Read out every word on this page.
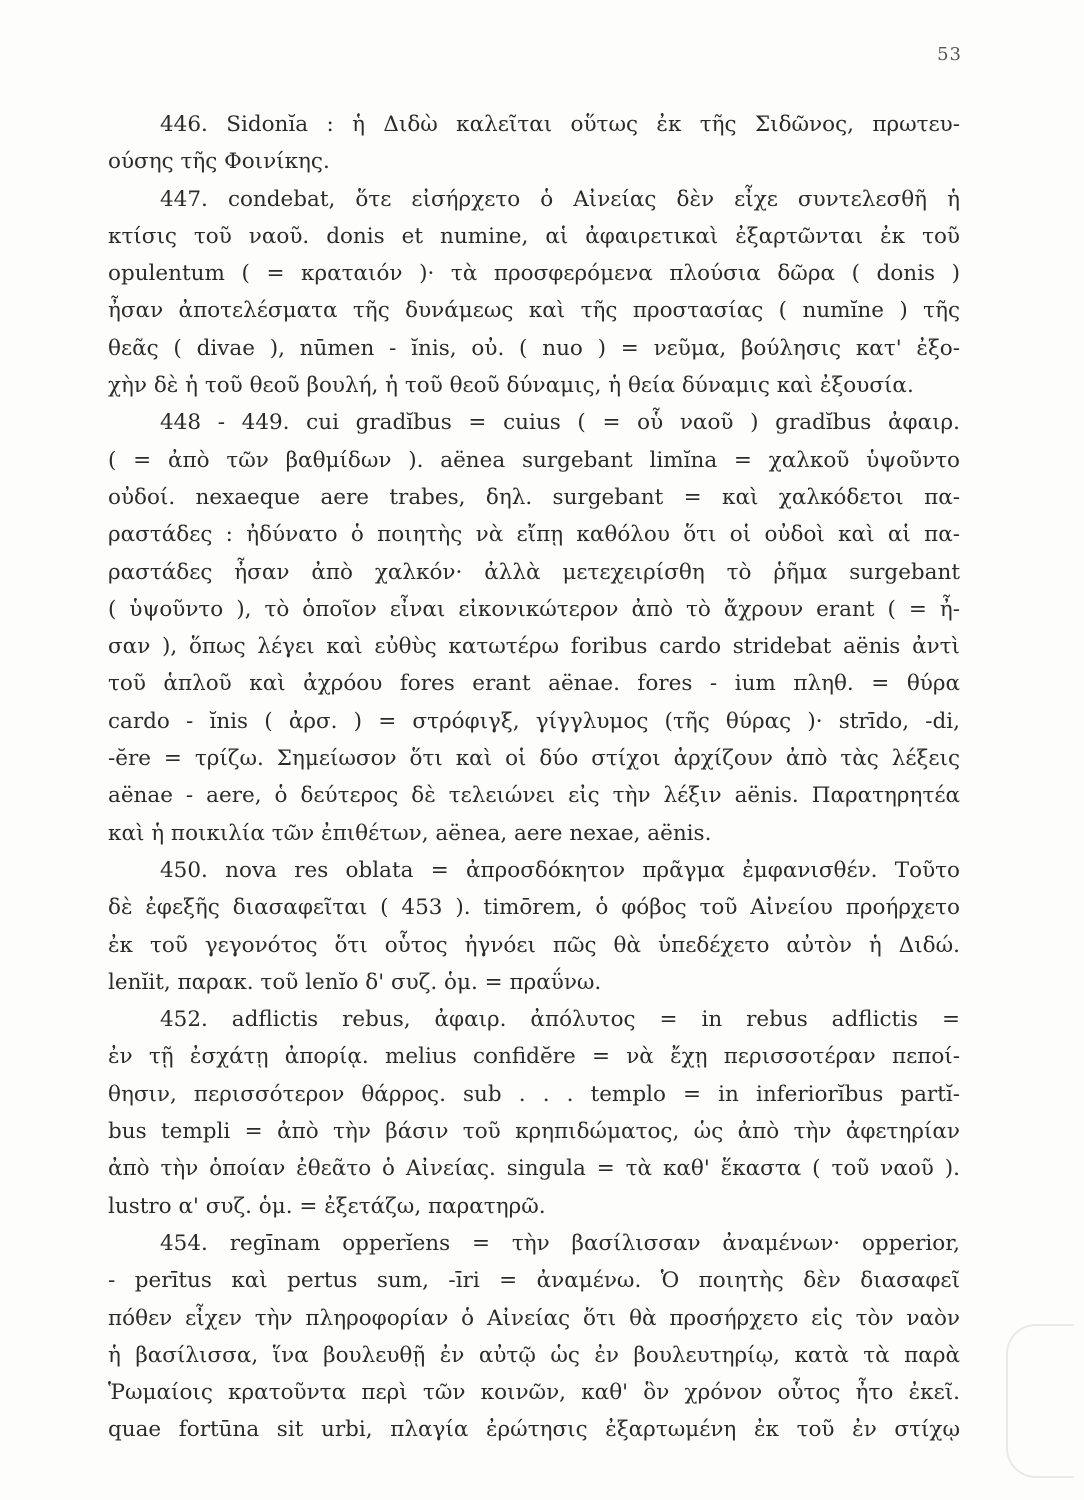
53
446. Sidonĭa : ἡ Διδὼ καλεῖται οὕτως ἐκ τῆς Σιδῶνος, πρωτευ-
ούσης τῆς Φοινίκης.
447. condebat, ὅτε εἰσήρχετο ὁ Αἰνείας δὲν εἶχε συντελεσθῆ ἡ
κτίσις τοῦ ναοῦ. donis et numine, αἱ ἀφαιρετικαὶ ἐξαρτῶνται ἐκ τοῦ
opulentum ( = κραταιόν )· τὰ προσφερόμενα πλούσια δῶρα ( donis )
ἦσαν ἀποτελέσματα τῆς δυνάμεως καὶ τῆς προστασίας ( numĭne ) τῆς
θεᾶς ( divae ), nūmen - ĭnis, οὐ. ( nuo ) = νεῦμα, βούλησις κατ' ἐξο-
χὴν δὲ ἡ τοῦ θεοῦ βουλή, ἡ τοῦ θεοῦ δύναμις, ἡ θεία δύναμις καὶ ἐξουσία.
448 - 449. cui gradĭbus = cuius ( = οὗ ναοῦ ) gradĭbus ἀφαιρ.
( = ἀπὸ τῶν βαθμίδων ). aënea surgebant limĭna = χαλκοῦ ὑψοῦντο
οὐδοί. nexaeque aere trabes, δηλ. surgebant = καὶ χαλκόδετοι πα-
ραστάδες : ἠδύνατο ὁ ποιητὴς νὰ εἴπῃ καθόλου ὅτι οἱ οὐδοὶ καὶ αἱ πα-
ραστάδες ἦσαν ἀπὸ χαλκόν· ἀλλὰ μετεχειρίσθη τὸ ῥῆμα surgebant
( ὑψοῦντο ), τὸ ὁποῖον εἶναι εἰκονικώτερον ἀπὸ τὸ ἄχρουν erant ( = ἦ-
σαν ), ὅπως λέγει καὶ εὐθὺς κατωτέρω foribus cardo stridebat aënis ἀντὶ
τοῦ ἁπλοῦ καὶ ἀχρόου fores erant aënae. fores - ium πληθ. = θύρα
cardo - ĭnis ( ἀρσ. ) = στρόφιγξ, γίγγλυμος (τῆς θύρας )· strīdo, -di,
-ĕre = τρίζω. Σημείωσον ὅτι καὶ οἱ δύο στίχοι ἀρχίζουν ἀπὸ τὰς λέξεις
aënae - aere, ὁ δεύτερος δὲ τελειώνει εἰς τὴν λέξιν aënis. Παρατηρητέα
καὶ ἡ ποικιλία τῶν ἐπιθέτων, aënea, aere nexae, aënis.
450. nova res oblata = ἀπροσδόκητον πρᾶγμα ἐμφανισθέν. Τοῦτο
δὲ ἐφεξῆς διασαφεῖται ( 453 ). timōrem, ὁ φόβος τοῦ Αἰνείου προήρχετο
ἐκ τοῦ γεγονότος ὅτι οὗτος ἠγνόει πῶς θὰ ὑπεδέχετο αὐτὸν ἡ Διδώ.
lenĭit, παρακ. τοῦ lenĭo δ' συζ. ὁμ. = πραΰνω.
452. adflictis rebus, ἀφαιρ. ἀπόλυτος = in rebus adflictis =
ἐν τῇ ἐσχάτῃ ἀπορίᾳ. melius confidĕre = νὰ ἔχῃ περισσοτέραν πεποί-
θησιν, περισσότερον θάρρος. sub . . . templo = in inferiorĭbus partĭ-
bus templi = ἀπὸ τὴν βάσιν τοῦ κρηπιδώματος, ὡς ἀπὸ τὴν ἀφετηρίαν
ἀπὸ τὴν ὁποίαν ἐθεᾶτο ὁ Αἰνείας. singula = τὰ καθ' ἕκαστα ( τοῦ ναοῦ ).
lustro α' συζ. ὁμ. = ἐξετάζω, παρατηρῶ.
454. regīnam opperĭens = τὴν βασίλισσαν ἀναμένων· opperior,
- perītus καὶ pertus sum, -īri = ἀναμένω. Ὁ ποιητὴς δὲν διασαφεῖ
πόθεν εἶχεν τὴν πληροφορίαν ὁ Αἰνείας ὅτι θὰ προσήρχετο εἰς τὸν ναὸν
ἡ βασίλισσα, ἵνα βουλευθῇ ἐν αὐτῷ ὡς ἐν βουλευτηρίῳ, κατὰ τὰ παρὰ
Ῥωμαίοις κρατοῦντα περὶ τῶν κοινῶν, καθ' ὃν χρόνον οὗτος ἦτο ἐκεῖ.
quae fortūna sit urbi, πλαγία ἐρώτησις ἐξαρτωμένη ἐκ τοῦ ἐν στίχῳ
